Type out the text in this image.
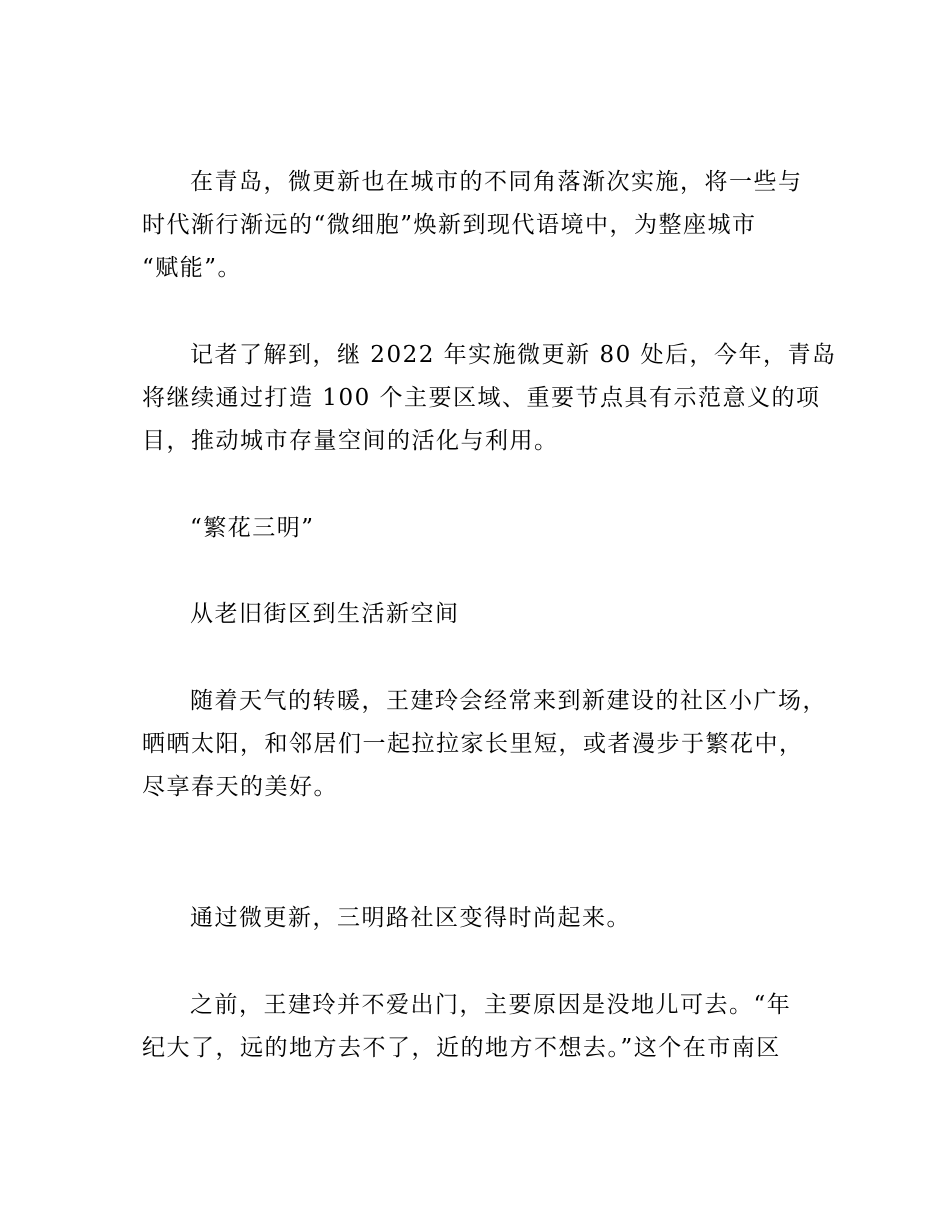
在青岛，微更新也在城市的不同角落渐次实施，将一些与
时代渐行渐远的“微细胞”焕新到现代语境中，为整座城市
“赋能”。
记者了解到，继 2022 年实施微更新 80 处后，今年，青岛
将继续通过打造 100 个主要区域、重要节点具有示范意义的项
目，推动城市存量空间的活化与利用。
“繁花三明”
从老旧街区到生活新空间
随着天气的转暖，王建玲会经常来到新建设的社区小广场，
晒晒太阳，和邻居们一起拉拉家长里短，或者漫步于繁花中，
尽享春天的美好。
通过微更新，三明路社区变得时尚起来。
之前，王建玲并不爱出门，主要原因是没地儿可去。“年
纪大了，远的地方去不了，近的地方不想去。”这个在市南区
